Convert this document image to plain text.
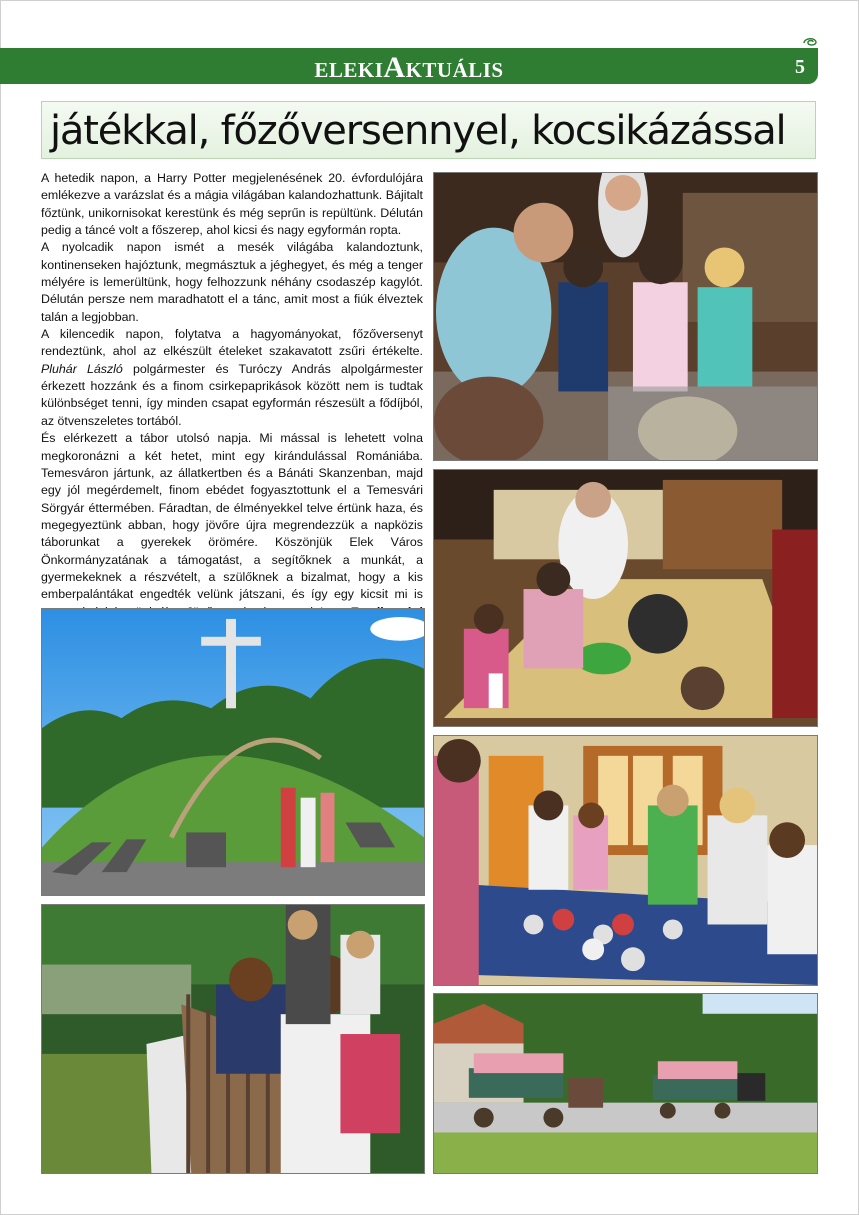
ELEKIAKTUÁLIS	5
játékkal, főzőversennyel, kocsikázással

A hetedik napon, a Harry Potter megjelenésének 20. évfordulójára emlékezve a varázslat és a mágia világában kalandozhattunk. Bájitalt főztünk, unikornisokat kerestünk és még seprűn is repültünk. Délután pedig a táncé volt a főszerep, ahol kicsi és nagy egyformán ropta.

A nyolcadik napon ismét a mesék világába kalandoztunk, kontinenseken hajóztunk, megmásztuk a jéghegyet, és még a tenger mélyére is lemerültünk, hogy felhozzunk néhány csodaszép kagylót. Délután persze nem maradhatott el a tánc, amit most a fiúk élveztek talán a legjobban.

A kilencedik napon, folytatva a hagyományokat, főzőversenyt rendeztünk, ahol az elkészült ételeket szakavatott zsűri értékelte. Pluhár László polgármester és Turóczy András alpolgármester érkezett hozzánk és a finom csirkepaprikások között nem is tudtak különbséget tenni, így minden csapat egyformán részesült a fődíjból, az ötvenszeletes tortából.

És elérkezett a tábor utolsó napja. Mi mással is lehetett volna megkoronázni a két hetet, mint egy kirándulással Romániába. Temesváron jártunk, az állatkertben és a Bánáti Skanzenban, majd egy jól megérdemelt, finom ebédet fogyasztottunk el a Temesvári Sörgyár éttermében. Fáradtan, de élményekkel telve értünk haza, és megegyeztünk abban, hogy jövőre újra megrendezzük a napközis táborunkat a gyerekek örömére. Köszönjük Elek Város Önkormányzatának a támogatást, a segítőknek a munkát, a gyermekeknek a részvételt, a szülőknek a bizalmat, hogy a kis emberpalántákat engedték velünk játszani, és így egy kicsit mi is
